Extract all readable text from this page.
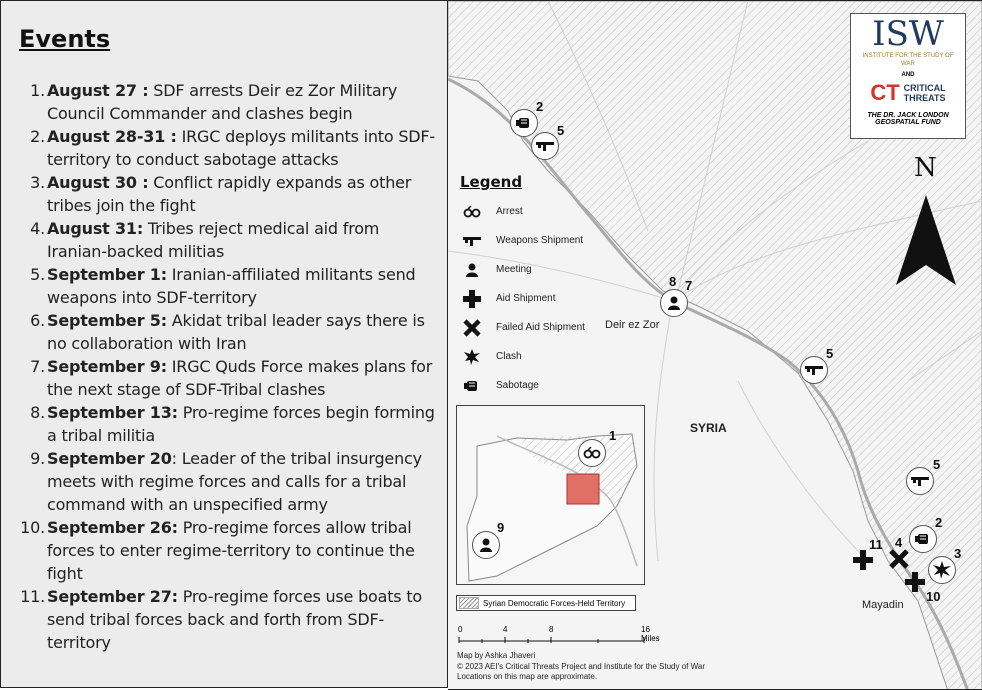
Events
1. August 27 : SDF arrests Deir ez Zor Military Council Commander and clashes begin
2. August 28-31 : IRGC deploys militants into SDF-territory to conduct sabotage attacks
3. August 30 : Conflict rapidly expands as other tribes join the fight
4. August 31: Tribes reject medical aid from Iranian-backed militias
5. September 1: Iranian-affiliated militants send weapons into SDF-territory
6. September 5: Akidat tribal leader says there is no collaboration with Iran
7. September 9: IRGC Quds Force makes plans for the next stage of SDF-Tribal clashes
8. September 13: Pro-regime forces begin forming a tribal militia
9. September 20: Leader of the tribal insurgency meets with regime forces and calls for a tribal command with an unspecified army
10. September 26: Pro-regime forces allow tribal forces to enter regime-territory to continue the fight
11. September 27: Pro-regime forces use boats to send tribal forces back and forth from SDF-territory
2
5
8 7
Deir ez Zor
5
SYRIA
5
2
11 4
3
10
Mayadin
Legend
Arrest
Weapons Shipment
Meeting
Aid Shipment
Failed Aid Shipment
Clash
Sabotage
1
9
Syrian Democratic Forces-Held Territory
0	4	8	16 Miles
Map by Ashka Jhaveri
© 2023 AEI's Critical Threats Project and Institute for the Study of War
Locations on this map are approximate.
ISW
INSTITUTE FOR THE STUDY OF WAR
AND
CT CRITICAL
THREATS
THE DR. JACK LONDON
GEOSPATIAL FUND
N
